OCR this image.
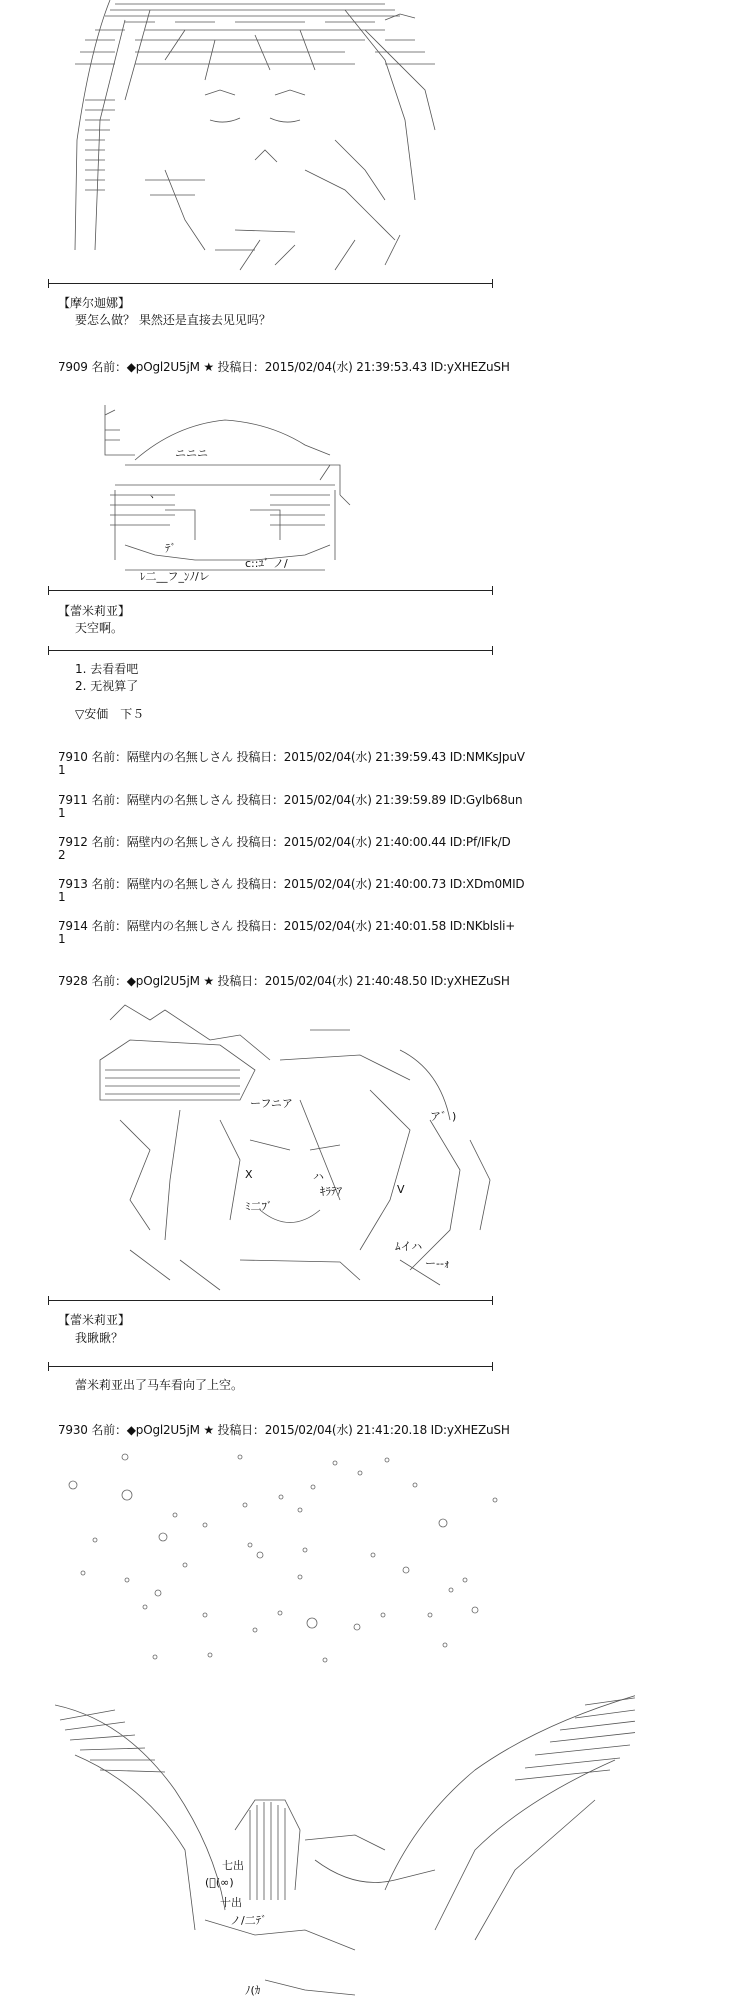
【摩尔迦娜】
要怎么做？ 果然还是直接去见见吗？
7909 名前：◆pOgl2U5jM ★ 投稿日：2015/02/04(水) 21:39:53.43 ID:yXHEZuSH
ニニニ
、
ﾃﾞ
c::ﾕﾞ ノ/
ﾚ二__フ_ﾝﾉ/レ
【蕾米莉亚】
天空啊。
1. 去看看吧
2. 无视算了
▽安価　下５
7910 名前：隔壁内の名無しさん 投稿日：2015/02/04(水) 21:39:59.43 ID:NMKsJpuV
1
7911 名前：隔壁内の名無しさん 投稿日：2015/02/04(水) 21:39:59.89 ID:GyIb68un
1
7912 名前：隔壁内の名無しさん 投稿日：2015/02/04(水) 21:40:00.44 ID:Pf/IFk/D
2
7913 名前：隔壁内の名無しさん 投稿日：2015/02/04(水) 21:40:00.73 ID:XDm0MID
1
7914 名前：隔壁内の名無しさん 投稿日：2015/02/04(水) 21:40:01.58 ID:NKblsli+
1
7928 名前：◆pOgl2U5jM ★ 投稿日：2015/02/04(水) 21:40:48.50 ID:yXHEZuSH
ーフニア
ア゛)
X	ハ
ｷﾗﾃｱ	V
ﾐ二ﾌﾞ
ﾑイハ
ー--ｫ
【蕾米莉亚】
我瞅瞅？
蕾米莉亚出了马车看向了上空。
7930 名前：◆pOgl2U5jM ★ 投稿日：2015/02/04(水) 21:41:20.18 ID:yXHEZuSH
七出
(ﾞ(∞)
十出
ノ/二ﾃﾞ
ﾉ(ｶ
